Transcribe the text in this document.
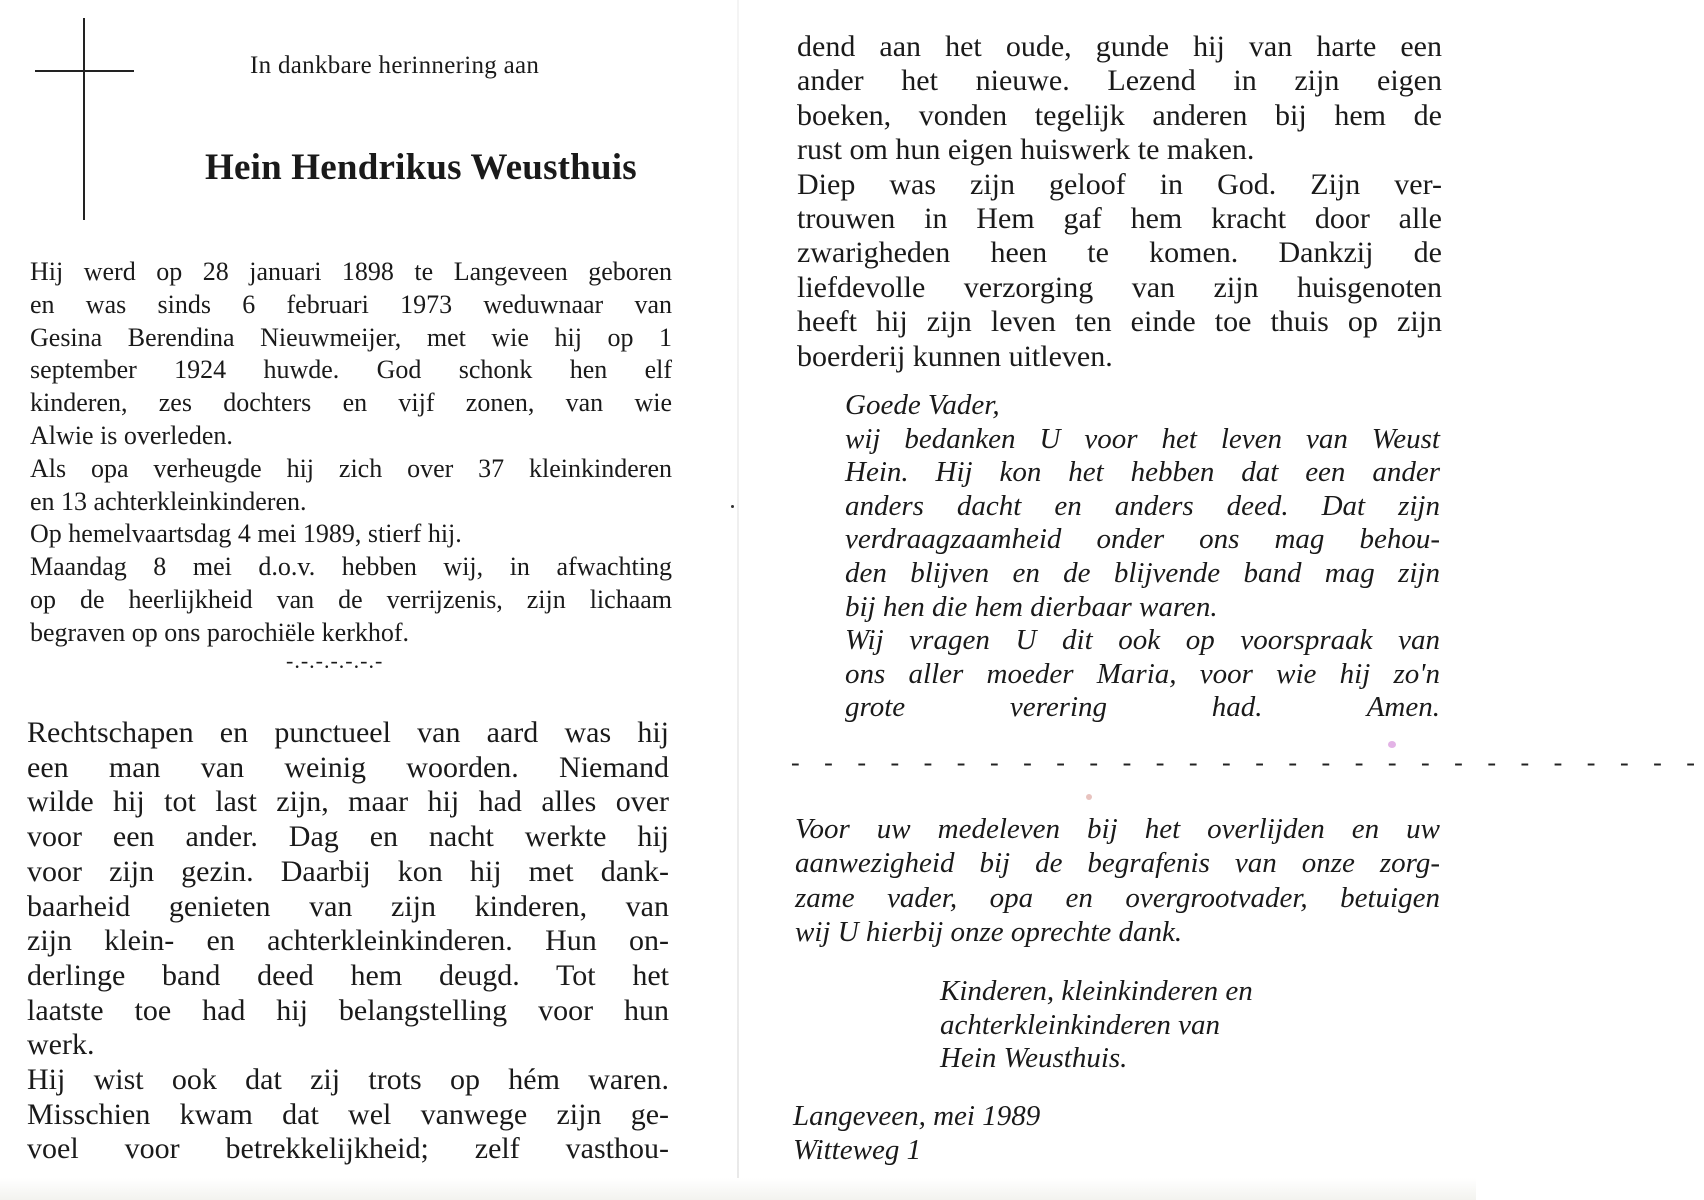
In dankbare herinnering aan
Hein Hendrikus Weusthuis
Hij werd op 28 januari 1898 te Langeveen geboren
en was sinds 6 februari 1973 weduwnaar van
Gesina Berendina Nieuwmeijer, met wie hij op 1
september 1924 huwde. God schonk hen elf
kinderen, zes dochters en vijf zonen, van wie
Alwie is overleden.
Als opa verheugde hij zich over 37 kleinkinderen
en 13 achterkleinkinderen.
Op hemelvaartsdag 4 mei 1989, stierf hij.
Maandag 8 mei d.o.v. hebben wij, in afwachting
op de heerlijkheid van de verrijzenis, zijn lichaam
begraven op ons parochiële kerkhof.
-.-.-.-.-.-.-
Rechtschapen en punctueel van aard was hij
een man van weinig woorden. Niemand
wilde hij tot last zijn, maar hij had alles over
voor een ander. Dag en nacht werkte hij
voor zijn gezin. Daarbij kon hij met dank-
baarheid genieten van zijn kinderen, van
zijn klein- en achterkleinkinderen. Hun on-
derlinge band deed hem deugd. Tot het
laatste toe had hij belangstelling voor hun
werk.
Hij wist ook dat zij trots op hém waren.
Misschien kwam dat wel vanwege zijn ge-
voel voor betrekkelijkheid; zelf vasthou-
dend aan het oude, gunde hij van harte een
ander het nieuwe. Lezend in zijn eigen
boeken, vonden tegelijk anderen bij hem de
rust om hun eigen huiswerk te maken.
Diep was zijn geloof in God. Zijn ver-
trouwen in Hem gaf hem kracht door alle
zwarigheden heen te komen. Dankzij de
liefdevolle verzorging van zijn huisgenoten
heeft hij zijn leven ten einde toe thuis op zijn
boerderij kunnen uitleven.
Goede Vader,
wij bedanken U voor het leven van Weust
Hein. Hij kon het hebben dat een ander
anders dacht en anders deed. Dat zijn
verdraagzaamheid onder ons mag behou-
den blijven en de blijvende band mag zijn
bij hen die hem dierbaar waren.
Wij vragen U dit ook op voorspraak van
ons aller moeder Maria, voor wie hij zo'n
grote verering had.	Amen.
- - - - - - - - - - - - - - - - - - - - - - - - - - - -
Voor uw medeleven bij het overlijden en uw
aanwezigheid bij de begrafenis van onze zorg-
zame vader, opa en overgrootvader, betuigen
wij U hierbij onze oprechte dank.
Kinderen, kleinkinderen en
achterkleinkinderen van
Hein Weusthuis.
Langeveen, mei 1989
Witteweg 1
